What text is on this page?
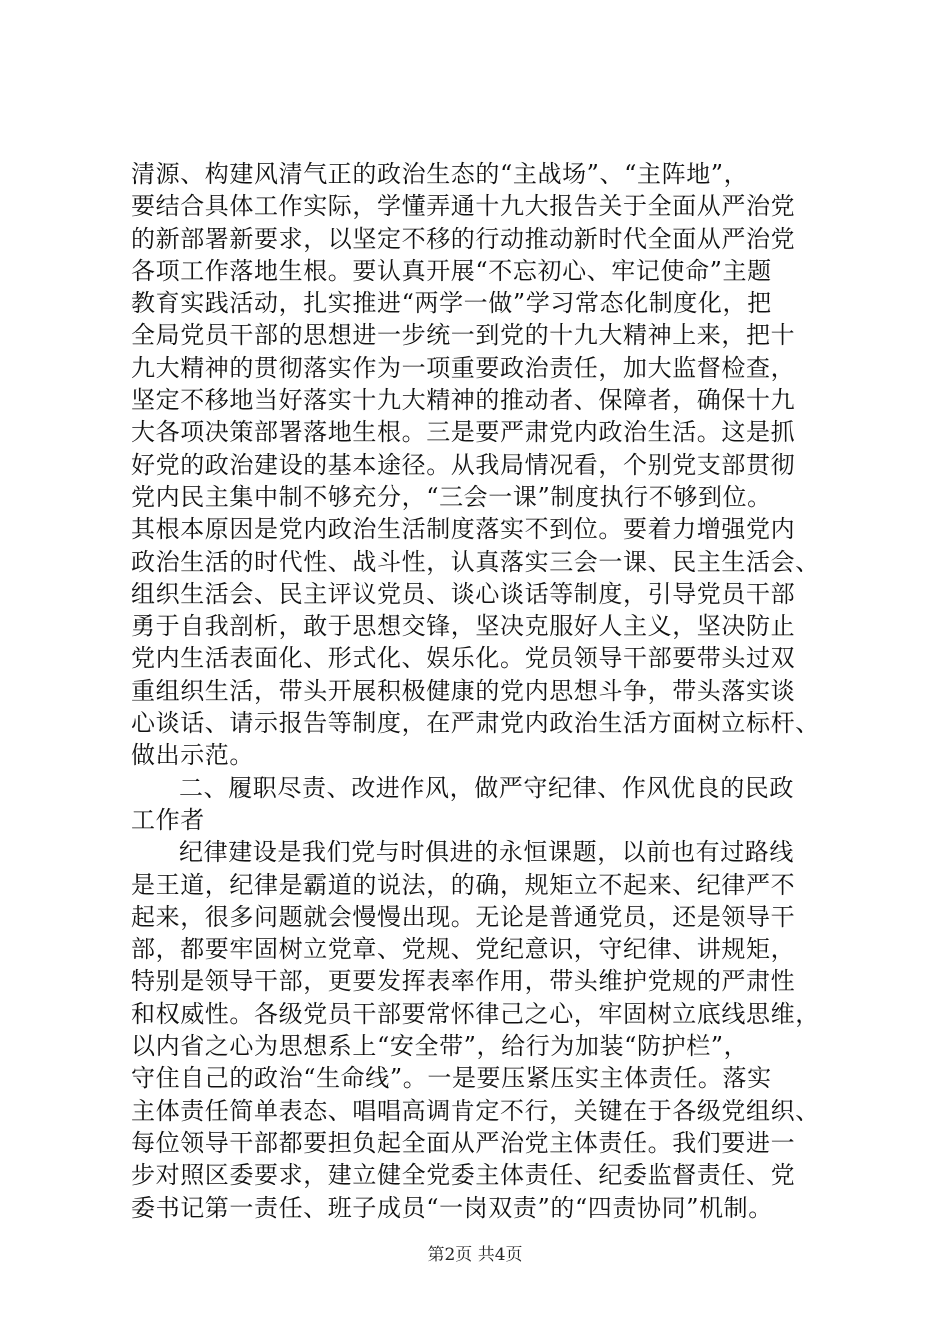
清源、构建风清气正的政治生态的“主战场”、“主阵地”，
要结合具体工作实际，学懂弄通十九大报告关于全面从严治党
的新部署新要求，以坚定不移的行动推动新时代全面从严治党
各项工作落地生根。要认真开展“不忘初心、牢记使命”主题
教育实践活动，扎实推进“两学一做”学习常态化制度化，把
全局党员干部的思想进一步统一到党的十九大精神上来，把十
九大精神的贯彻落实作为一项重要政治责任，加大监督检查，
坚定不移地当好落实十九大精神的推动者、保障者，确保十九
大各项决策部署落地生根。三是要严肃党内政治生活。这是抓
好党的政治建设的基本途径。从我局情况看，个别党支部贯彻
党内民主集中制不够充分，“三会一课”制度执行不够到位。
其根本原因是党内政治生活制度落实不到位。要着力增强党内
政治生活的时代性、战斗性，认真落实三会一课、民主生活会、
组织生活会、民主评议党员、谈心谈话等制度，引导党员干部
勇于自我剖析，敢于思想交锋，坚决克服好人主义，坚决防止
党内生活表面化、形式化、娱乐化。党员领导干部要带头过双
重组织生活，带头开展积极健康的党内思想斗争，带头落实谈
心谈话、请示报告等制度，在严肃党内政治生活方面树立标杆、
做出示范。
二、履职尽责、改进作风，做严守纪律、作风优良的民政
工作者
纪律建设是我们党与时俱进的永恒课题，以前也有过路线
是王道，纪律是霸道的说法，的确，规矩立不起来、纪律严不
起来，很多问题就会慢慢出现。无论是普通党员，还是领导干
部，都要牢固树立党章、党规、党纪意识，守纪律、讲规矩，
特别是领导干部，更要发挥表率作用，带头维护党规的严肃性
和权威性。各级党员干部要常怀律己之心，牢固树立底线思维，
以内省之心为思想系上“安全带”，给行为加装“防护栏”，
守住自己的政治“生命线”。一是要压紧压实主体责任。落实
主体责任简单表态、唱唱高调肯定不行，关键在于各级党组织、
每位领导干部都要担负起全面从严治党主体责任。我们要进一
步对照区委要求，建立健全党委主体责任、纪委监督责任、党
委书记第一责任、班子成员“一岗双责”的“四责协同”机制。
第2页 共4页
